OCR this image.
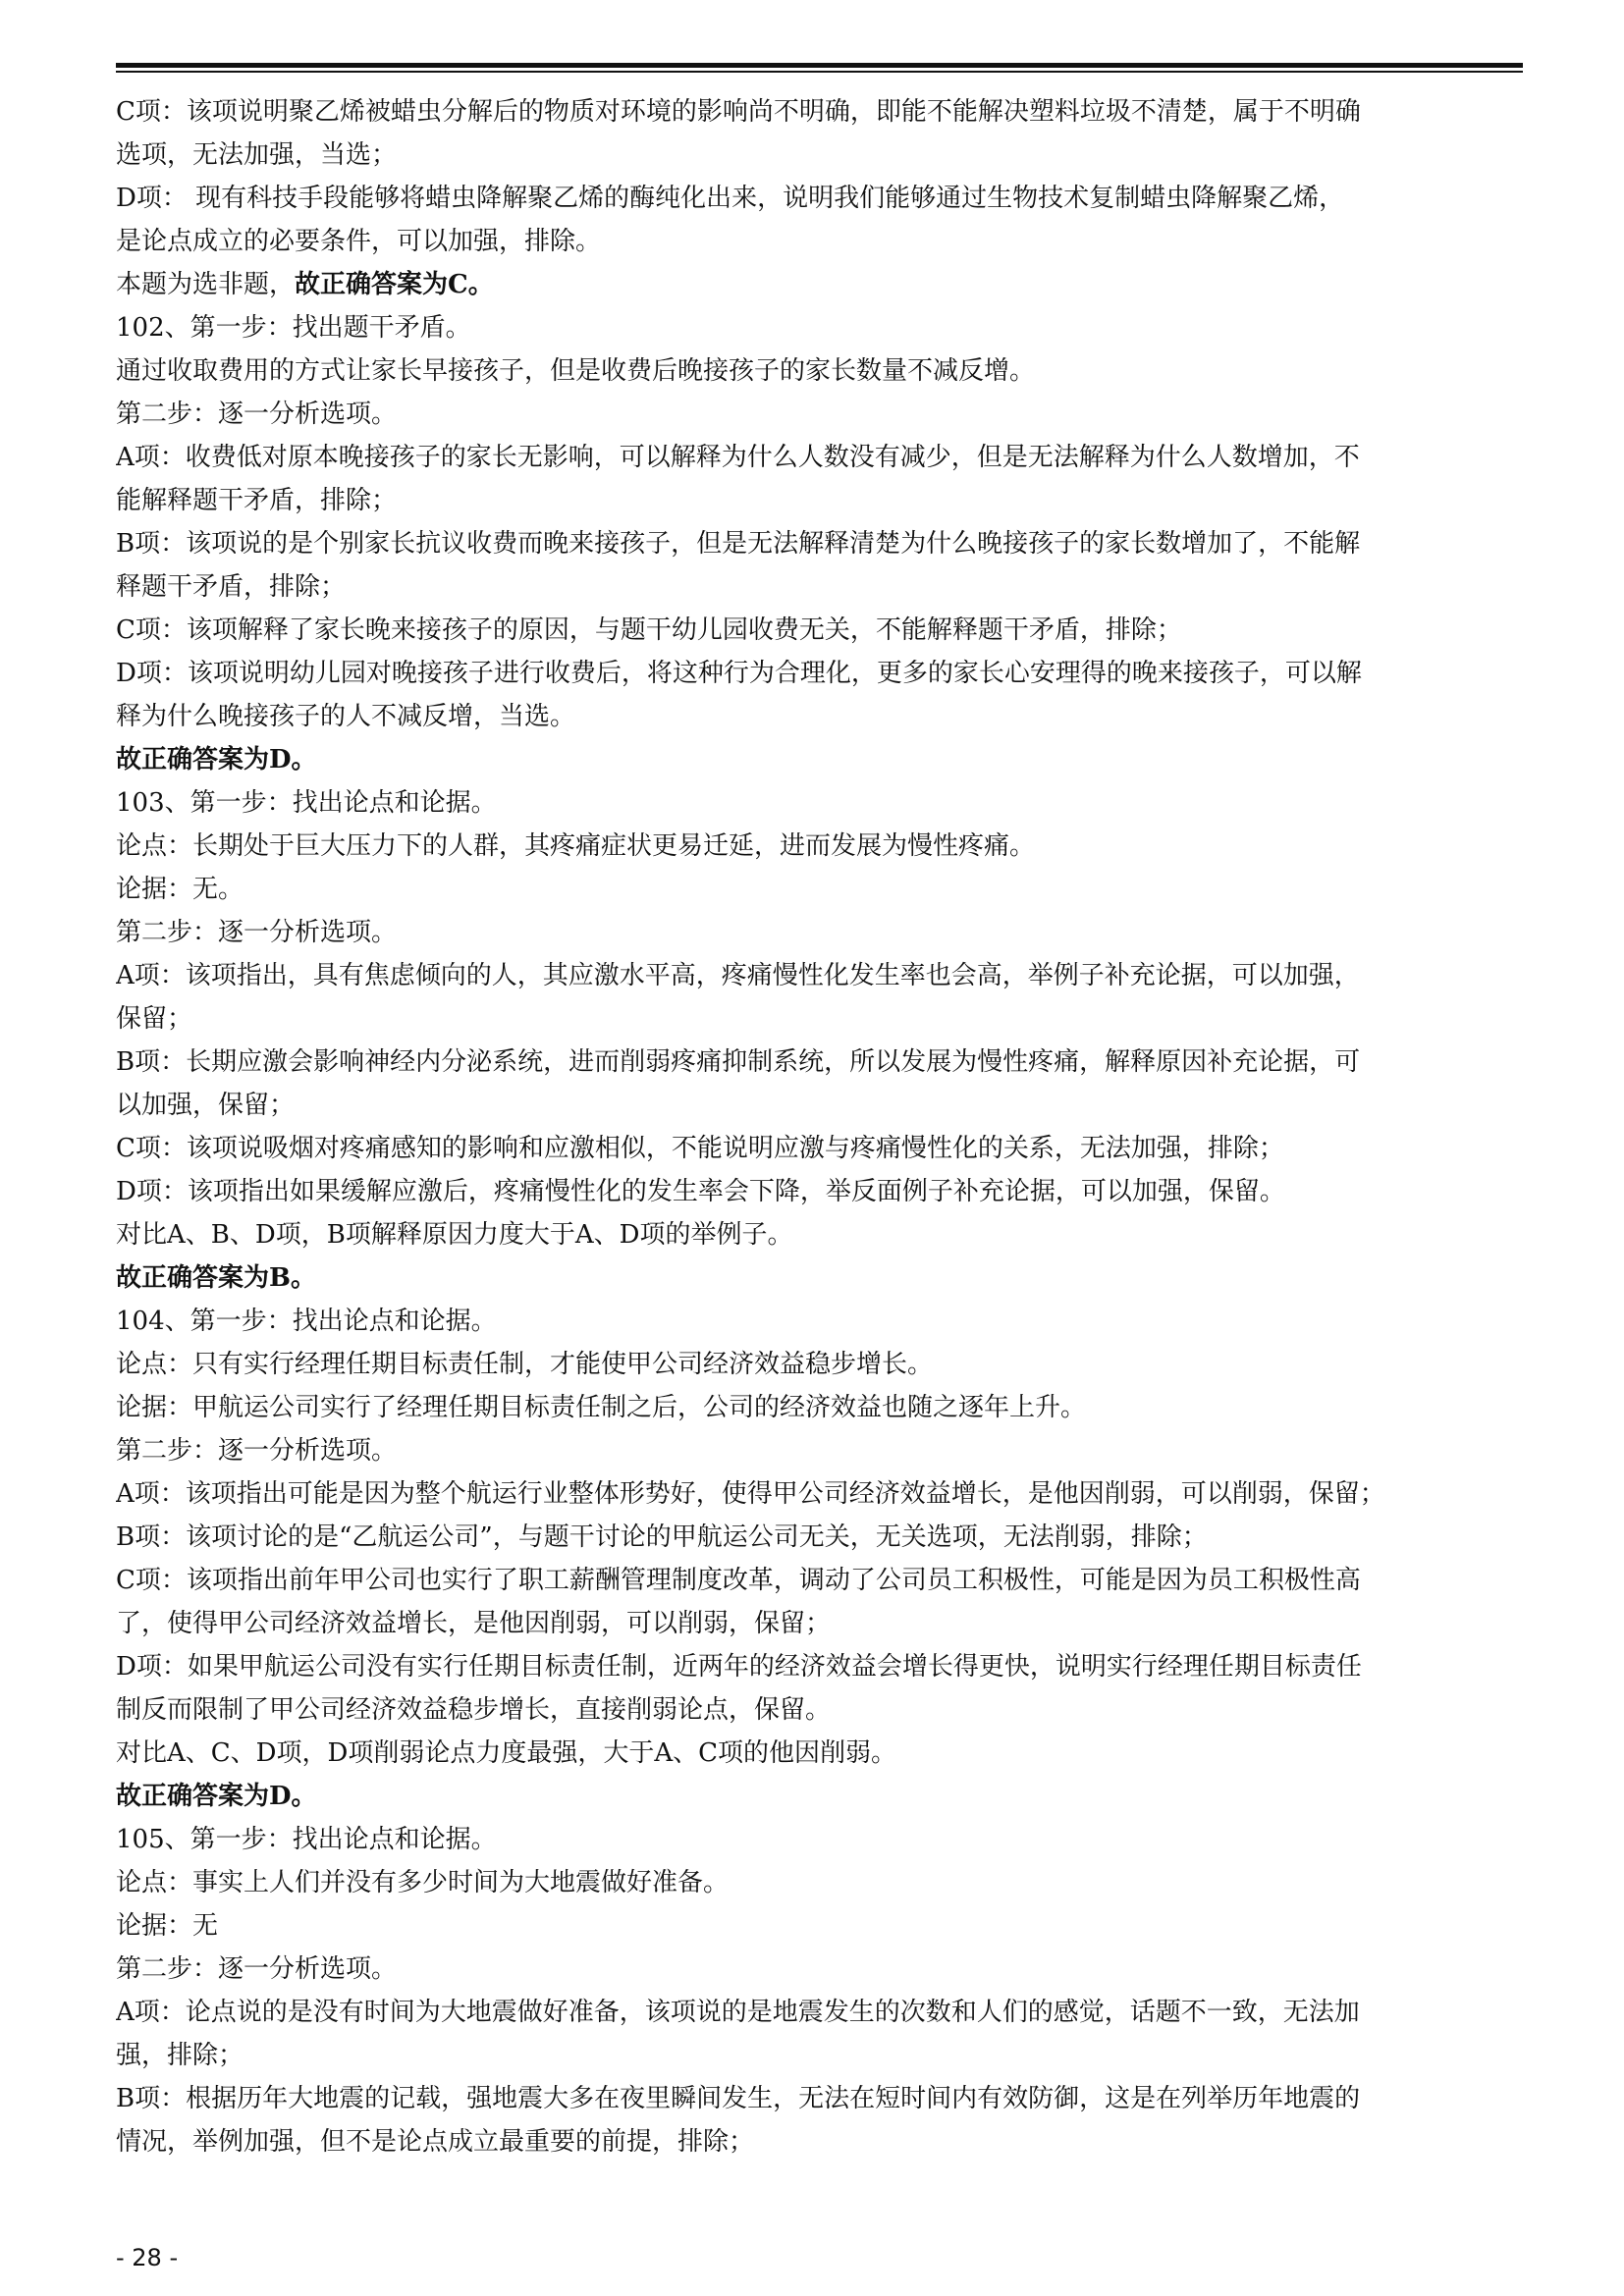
C项：该项说明聚乙烯被蜡虫分解后的物质对环境的影响尚不明确，即能不能解决塑料垃圾不清楚，属于不明确
选项，无法加强，当选；
D项： 现有科技手段能够将蜡虫降解聚乙烯的酶纯化出来，说明我们能够通过生物技术复制蜡虫降解聚乙烯，
是论点成立的必要条件，可以加强，排除。
本题为选非题，故正确答案为C。
102、第一步：找出题干矛盾。
通过收取费用的方式让家长早接孩子，但是收费后晚接孩子的家长数量不减反增。
第二步：逐一分析选项。
A项：收费低对原本晚接孩子的家长无影响，可以解释为什么人数没有减少，但是无法解释为什么人数增加，不
能解释题干矛盾，排除；
B项：该项说的是个别家长抗议收费而晚来接孩子，但是无法解释清楚为什么晚接孩子的家长数增加了，不能解
释题干矛盾，排除；
C项：该项解释了家长晚来接孩子的原因，与题干幼儿园收费无关，不能解释题干矛盾，排除；
D项：该项说明幼儿园对晚接孩子进行收费后，将这种行为合理化，更多的家长心安理得的晚来接孩子，可以解
释为什么晚接孩子的人不减反增，当选。
故正确答案为D。
103、第一步：找出论点和论据。
论点：长期处于巨大压力下的人群，其疼痛症状更易迁延，进而发展为慢性疼痛。
论据：无。
第二步：逐一分析选项。
A项：该项指出，具有焦虑倾向的人，其应激水平高，疼痛慢性化发生率也会高，举例子补充论据，可以加强，
保留；
B项：长期应激会影响神经内分泌系统，进而削弱疼痛抑制系统，所以发展为慢性疼痛，解释原因补充论据，可
以加强，保留；
C项：该项说吸烟对疼痛感知的影响和应激相似，不能说明应激与疼痛慢性化的关系，无法加强，排除；
D项：该项指出如果缓解应激后，疼痛慢性化的发生率会下降，举反面例子补充论据，可以加强，保留。
对比A、B、D项，B项解释原因力度大于A、D项的举例子。
故正确答案为B。
104、第一步：找出论点和论据。
论点：只有实行经理任期目标责任制，才能使甲公司经济效益稳步增长。
论据：甲航运公司实行了经理任期目标责任制之后，公司的经济效益也随之逐年上升。
第二步：逐一分析选项。
A项：该项指出可能是因为整个航运行业整体形势好，使得甲公司经济效益增长，是他因削弱，可以削弱，保留；
B项：该项讨论的是“乙航运公司”，与题干讨论的甲航运公司无关，无关选项，无法削弱，排除；
C项：该项指出前年甲公司也实行了职工薪酬管理制度改革，调动了公司员工积极性，可能是因为员工积极性高
了，使得甲公司经济效益增长，是他因削弱，可以削弱，保留；
D项：如果甲航运公司没有实行任期目标责任制，近两年的经济效益会增长得更快，说明实行经理任期目标责任
制反而限制了甲公司经济效益稳步增长，直接削弱论点，保留。
对比A、C、D项，D项削弱论点力度最强，大于A、C项的他因削弱。
故正确答案为D。
105、第一步：找出论点和论据。
论点：事实上人们并没有多少时间为大地震做好准备。
论据：无
第二步：逐一分析选项。
A项：论点说的是没有时间为大地震做好准备，该项说的是地震发生的次数和人们的感觉，话题不一致，无法加
强，排除；
B项：根据历年大地震的记载，强地震大多在夜里瞬间发生，无法在短时间内有效防御，这是在列举历年地震的
情况，举例加强，但不是论点成立最重要的前提，排除；
- 28 -
